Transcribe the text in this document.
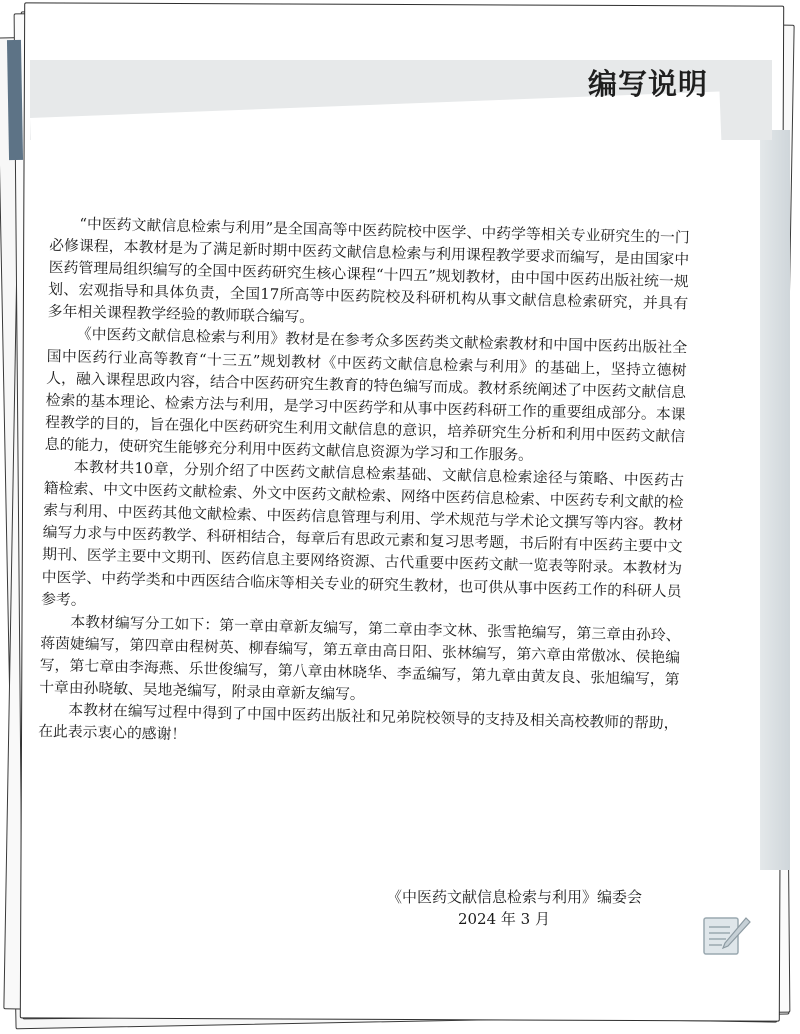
编写说明

“中医药文献信息检索与利用”是全国高等中医药院校中医学、中药学等相关专业研究生的一门必修课程，本教材是为了满足新时期中医药文献信息检索与利用课程教学要求而编写，是由国家中医药管理局组织编写的全国中医药研究生核心课程“十四五”规划教材，由中国中医药出版社统一规划、宏观指导和具体负责，全国17所高等中医药院校及科研机构从事文献信息检索研究，并具有多年相关课程教学经验的教师联合编写。

《中医药文献信息检索与利用》教材是在参考众多医药类文献检索教材和中国中医药出版社全国中医药行业高等教育“十三五”规划教材《中医药文献信息检索与利用》的基础上，坚持立德树人，融入课程思政内容，结合中医药研究生教育的特色编写而成。教材系统阐述了中医药文献信息检索的基本理论、检索方法与利用，是学习中医药学和从事中医药科研工作的重要组成部分。本课程教学的目的，旨在强化中医药研究生利用文献信息的意识，培养研究生分析和利用中医药文献信息的能力，使研究生能够充分利用中医药文献信息资源为学习和工作服务。

本教材共10章，分别介绍了中医药文献信息检索基础、文献信息检索途径与策略、中医药古籍检索、中文中医药文献检索、外文中医药文献检索、网络中医药信息检索、中医药专利文献的检索与利用、中医药其他文献检索、中医药信息管理与利用、学术规范与学术论文撰写等内容。教材编写力求与中医药教学、科研相结合，每章后有思政元素和复习思考题，书后附有中医药主要中文期刊、医学主要中文期刊、医药信息主要网络资源、古代重要中医药文献一览表等附录。本教材为中医学、中药学类和中西医结合临床等相关专业的研究生教材，也可供从事中医药工作的科研人员参考。

本教材编写分工如下：第一章由章新友编写，第二章由李文林、张雪艳编写，第三章由孙玲、蒋茵婕编写，第四章由程树英、柳春编写，第五章由高日阳、张林编写，第六章由常傲冰、侯艳编写，第七章由李海燕、乐世俊编写，第八章由林晓华、李孟编写，第九章由黄友良、张旭编写，第十章由孙晓敏、吴地尧编写，附录由章新友编写。

本教材在编写过程中得到了中国中医药出版社和兄弟院校领导的支持及相关高校教师的帮助，在此表示衷心的感谢！

《中医药文献信息检索与利用》编委会
2024 年 3 月
